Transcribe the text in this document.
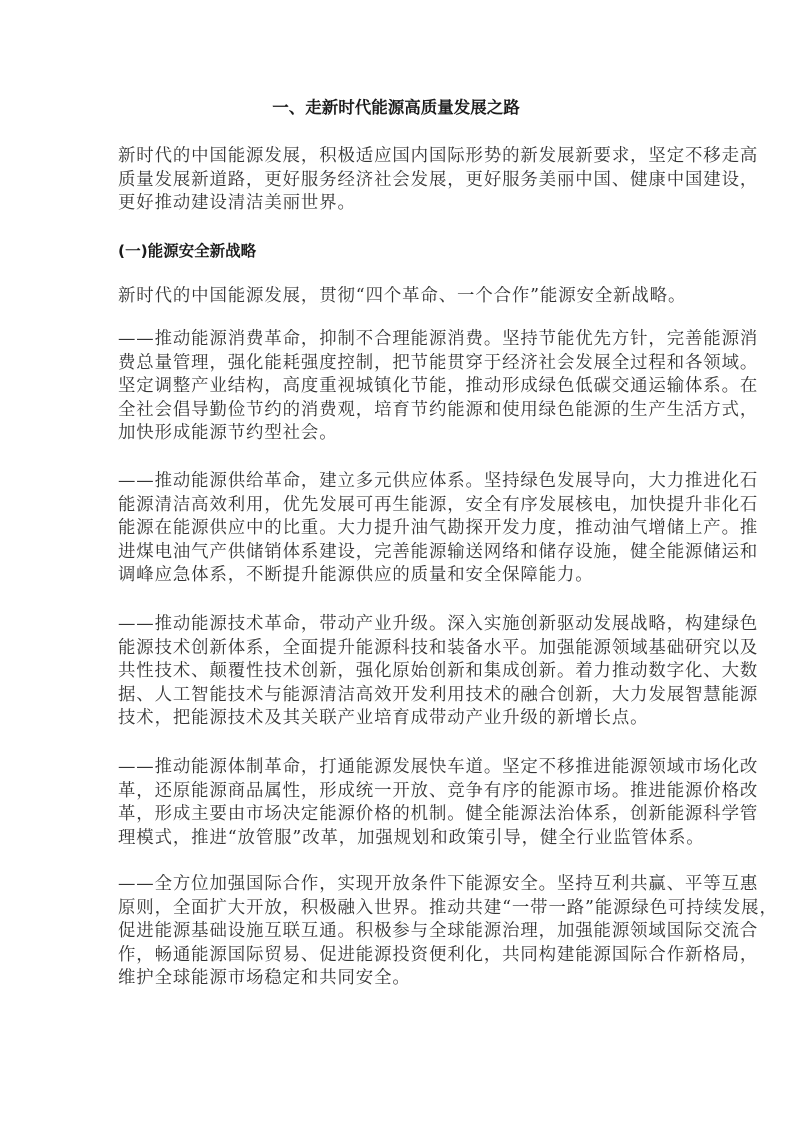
一、走新时代能源高质量发展之路
新时代的中国能源发展，积极适应国内国际形势的新发展新要求，坚定不移走高
质量发展新道路，更好服务经济社会发展，更好服务美丽中国、健康中国建设，
更好推动建设清洁美丽世界。
(一)能源安全新战略
新时代的中国能源发展，贯彻“四个革命、一个合作”能源安全新战略。
——推动能源消费革命，抑制不合理能源消费。坚持节能优先方针，完善能源消
费总量管理，强化能耗强度控制，把节能贯穿于经济社会发展全过程和各领域。
坚定调整产业结构，高度重视城镇化节能，推动形成绿色低碳交通运输体系。在
全社会倡导勤俭节约的消费观，培育节约能源和使用绿色能源的生产生活方式，
加快形成能源节约型社会。
——推动能源供给革命，建立多元供应体系。坚持绿色发展导向，大力推进化石
能源清洁高效利用，优先发展可再生能源，安全有序发展核电，加快提升非化石
能源在能源供应中的比重。大力提升油气勘探开发力度，推动油气增储上产。推
进煤电油气产供储销体系建设，完善能源输送网络和储存设施，健全能源储运和
调峰应急体系，不断提升能源供应的质量和安全保障能力。
——推动能源技术革命，带动产业升级。深入实施创新驱动发展战略，构建绿色
能源技术创新体系，全面提升能源科技和装备水平。加强能源领域基础研究以及
共性技术、颠覆性技术创新，强化原始创新和集成创新。着力推动数字化、大数
据、人工智能技术与能源清洁高效开发利用技术的融合创新，大力发展智慧能源
技术，把能源技术及其关联产业培育成带动产业升级的新增长点。
——推动能源体制革命，打通能源发展快车道。坚定不移推进能源领域市场化改
革，还原能源商品属性，形成统一开放、竞争有序的能源市场。推进能源价格改
革，形成主要由市场决定能源价格的机制。健全能源法治体系，创新能源科学管
理模式，推进“放管服”改革，加强规划和政策引导，健全行业监管体系。
——全方位加强国际合作，实现开放条件下能源安全。坚持互利共赢、平等互惠
原则，全面扩大开放，积极融入世界。推动共建“一带一路”能源绿色可持续发展，
促进能源基础设施互联互通。积极参与全球能源治理，加强能源领域国际交流合
作，畅通能源国际贸易、促进能源投资便利化，共同构建能源国际合作新格局，
维护全球能源市场稳定和共同安全。
